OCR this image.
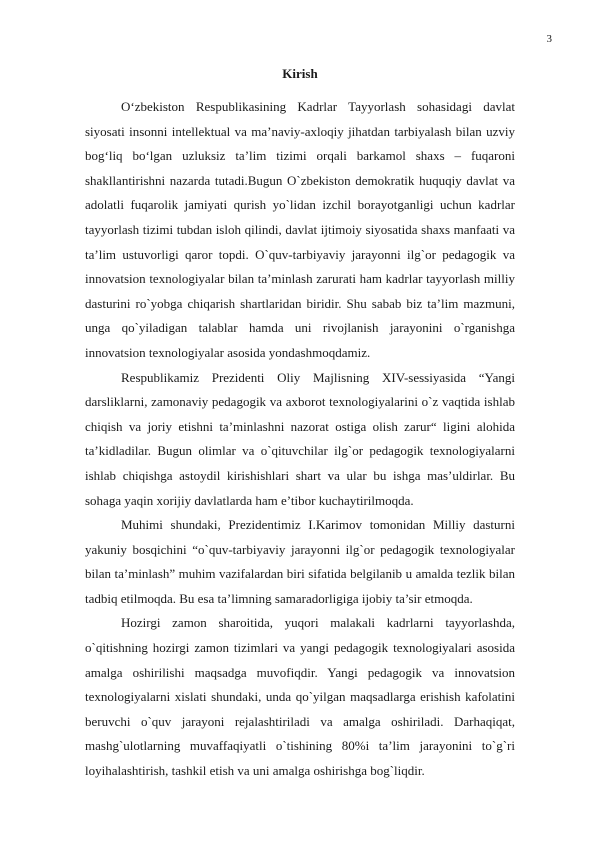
3
Kirish

O‘zbekiston Respublikasining Kadrlar Tayyorlash sohasidagi davlat siyosati insonni intellektual va ma’naviy-axloqiy jihatdan tarbiyalash bilan uzviy bog‘liq bo‘lgan uzluksiz ta’lim tizimi orqali barkamol shaxs – fuqaroni shakllantirishni nazarda tutadi.Bugun O`zbekiston demokratik huquqiy davlat va adolatli fuqarolik jamiyati qurish yo`lidan izchil borayotganligi uchun kadrlar tayyorlash tizimi tubdan isloh qilindi, davlat ijtimoiy siyosatida shaxs manfaati va ta’lim ustuvorligi qaror topdi. O`quv-tarbiyaviy jarayonni ilg`or pedagogik va innovatsion texnologiyalar bilan ta’minlash zarurati ham kadrlar tayyorlash milliy dasturini ro`yobga chiqarish shartlaridan biridir. Shu sabab biz ta’lim mazmuni, unga qo`yiladigan talablar hamda uni rivojlanish jarayonini o`rganishga innovatsion texnologiyalar asosida yondashmoqdamiz.

Respublikamiz Prezidenti Oliy Majlisning XIV-sessiyasida “Yangi darsliklarni, zamonaviy pedagogik va axborot texnologiyalarini o`z vaqtida ishlab chiqish va joriy etishni ta’minlashni nazorat ostiga olish zarur“ ligini alohida ta’kidladilar. Bugun olimlar va o`qituvchilar ilg`or pedagogik texnologiyalarni ishlab chiqishga astoydil kirishishlari shart va ular bu ishga mas’uldirlar. Bu sohaga yaqin xorijiy davlatlarda ham e’tibor kuchaytirilmoqda.

Muhimi shundaki, Prezidentimiz I.Karimov tomonidan Milliy dasturni yakuniy bosqichini “o`quv-tarbiyaviy jarayonni ilg`or pedagogik texnologiyalar bilan ta’minlash” muhim vazifalardan biri sifatida belgilanib u amalda tezlik bilan tadbiq etilmoqda. Bu esa ta’limning samaradorligiga ijobiy ta’sir etmoqda.

Hozirgi zamon sharoitida, yuqori malakali kadrlarni tayyorlashda, o`qitishning hozirgi zamon tizimlari va yangi pedagogik texnologiyalari asosida amalga oshirilishi maqsadga muvofiqdir. Yangi pedagogik va innovatsion texnologiyalarni xislati shundaki, unda qo`yilgan maqsadlarga erishish kafolatini beruvchi o`quv jarayoni rejalashtiriladi va amalga oshiriladi. Darhaqiqat, mashg`ulotlarning muvaffaqiyatli o`tishining 80%i ta’lim jarayonini to`g`ri loyihalashtirish, tashkil etish va uni amalga oshirishga bog`liqdir.
